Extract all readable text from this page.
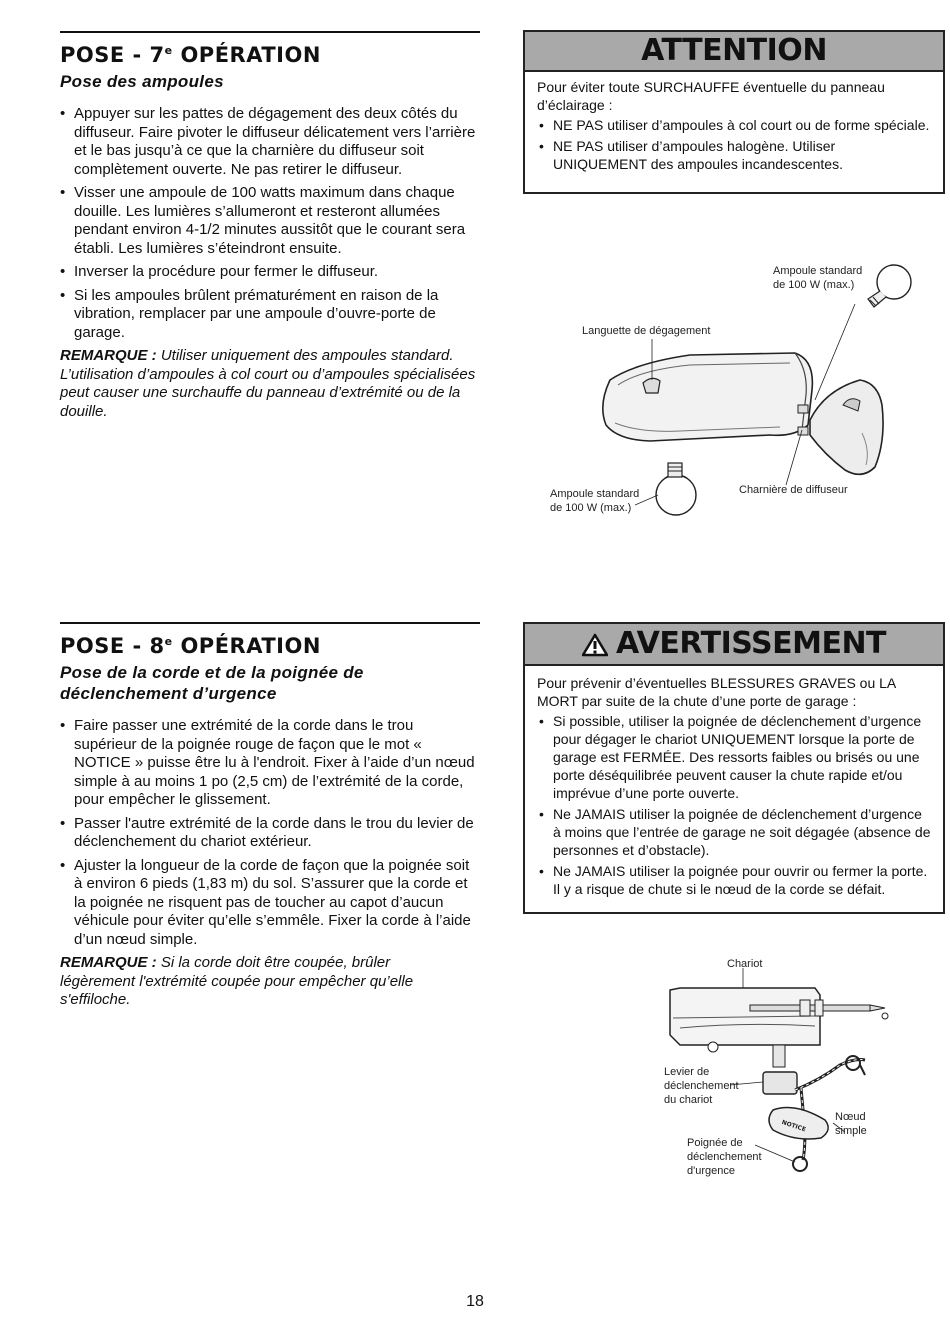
POSE - 7e OPÉRATION
Pose des ampoules
• Appuyer sur les pattes de dégagement des deux côtés du diffuseur. Faire pivoter le diffuseur délicatement vers l’arrière et le bas jusqu’à ce que la charnière du diffuseur soit complètement ouverte. Ne pas retirer le diffuseur.
• Visser une ampoule de 100 watts maximum dans chaque douille. Les lumières s’allumeront et resteront allumées pendant environ 4-1/2 minutes aussitôt que le courant sera établi. Les lumières s’éteindront ensuite.
• Inverser la procédure pour fermer le diffuseur.
• Si les ampoules brûlent prématurément en raison de la vibration, remplacer par une ampoule d’ouvre-porte de garage.

REMARQUE : Utiliser uniquement des ampoules standard. L’utilisation d’ampoules à col court ou d’ampoules spécialisées peut causer une surchauffe du panneau d’extrémité ou de la douille.

ATTENTION
Pour éviter toute SURCHAUFFE éventuelle du panneau d’éclairage :
• NE PAS utiliser d’ampoules à col court ou de forme spéciale.
• NE PAS utiliser d’ampoules halogène. Utiliser UNIQUEMENT des ampoules incandescentes.
Ampoule standard
de 100 W (max.)
Languette de dégagement
Ampoule standard
de 100 W (max.)
Charnière de diffuseur
POSE - 8e OPÉRATION
Pose de la corde et de la poignée de déclenchement d’urgence
• Faire passer une extrémité de la corde dans le trou supérieur de la poignée rouge de façon que le mot « NOTICE » puisse être lu à l'endroit. Fixer à l’aide d’un nœud simple à au moins 1 po (2,5 cm) de l’extrémité de la corde, pour empêcher le glissement.
• Passer l'autre extrémité de la corde dans le trou du levier de déclenchement du chariot extérieur.
• Ajuster la longueur de la corde de façon que la poignée soit à environ 6 pieds (1,83 m) du sol. S’assurer que la corde et la poignée ne risquent pas de toucher au capot d’aucun véhicule pour éviter qu’elle s’emmêle. Fixer la corde à l’aide d’un nœud simple.

REMARQUE : Si la corde doit être coupée, brûler légèrement l'extrémité coupée pour empêcher qu’elle s'effiloche.

AVERTISSEMENT
Pour prévenir d’éventuelles BLESSURES GRAVES ou LA MORT par suite de la chute d’une porte de garage :
• Si possible, utiliser la poignée de déclenchement d’urgence pour dégager le chariot UNIQUEMENT lorsque la porte de garage est FERMÉE. Des ressorts faibles ou brisés ou une porte déséquilibrée peuvent causer la chute rapide et/ou imprévue d’une porte ouverte.
• Ne JAMAIS utiliser la poignée de déclenchement d’urgence à moins que l’entrée de garage ne soit dégagée (absence de personnes et d’obstacle).
• Ne JAMAIS utiliser la poignée pour ouvrir ou fermer la porte. Il y a risque de chute si le nœud de la corde se défait.
NOTICE
Chariot
Levier de
déclenchement
du chariot
Nœud
simple
Poignée de
déclenchement
d'urgence
18
